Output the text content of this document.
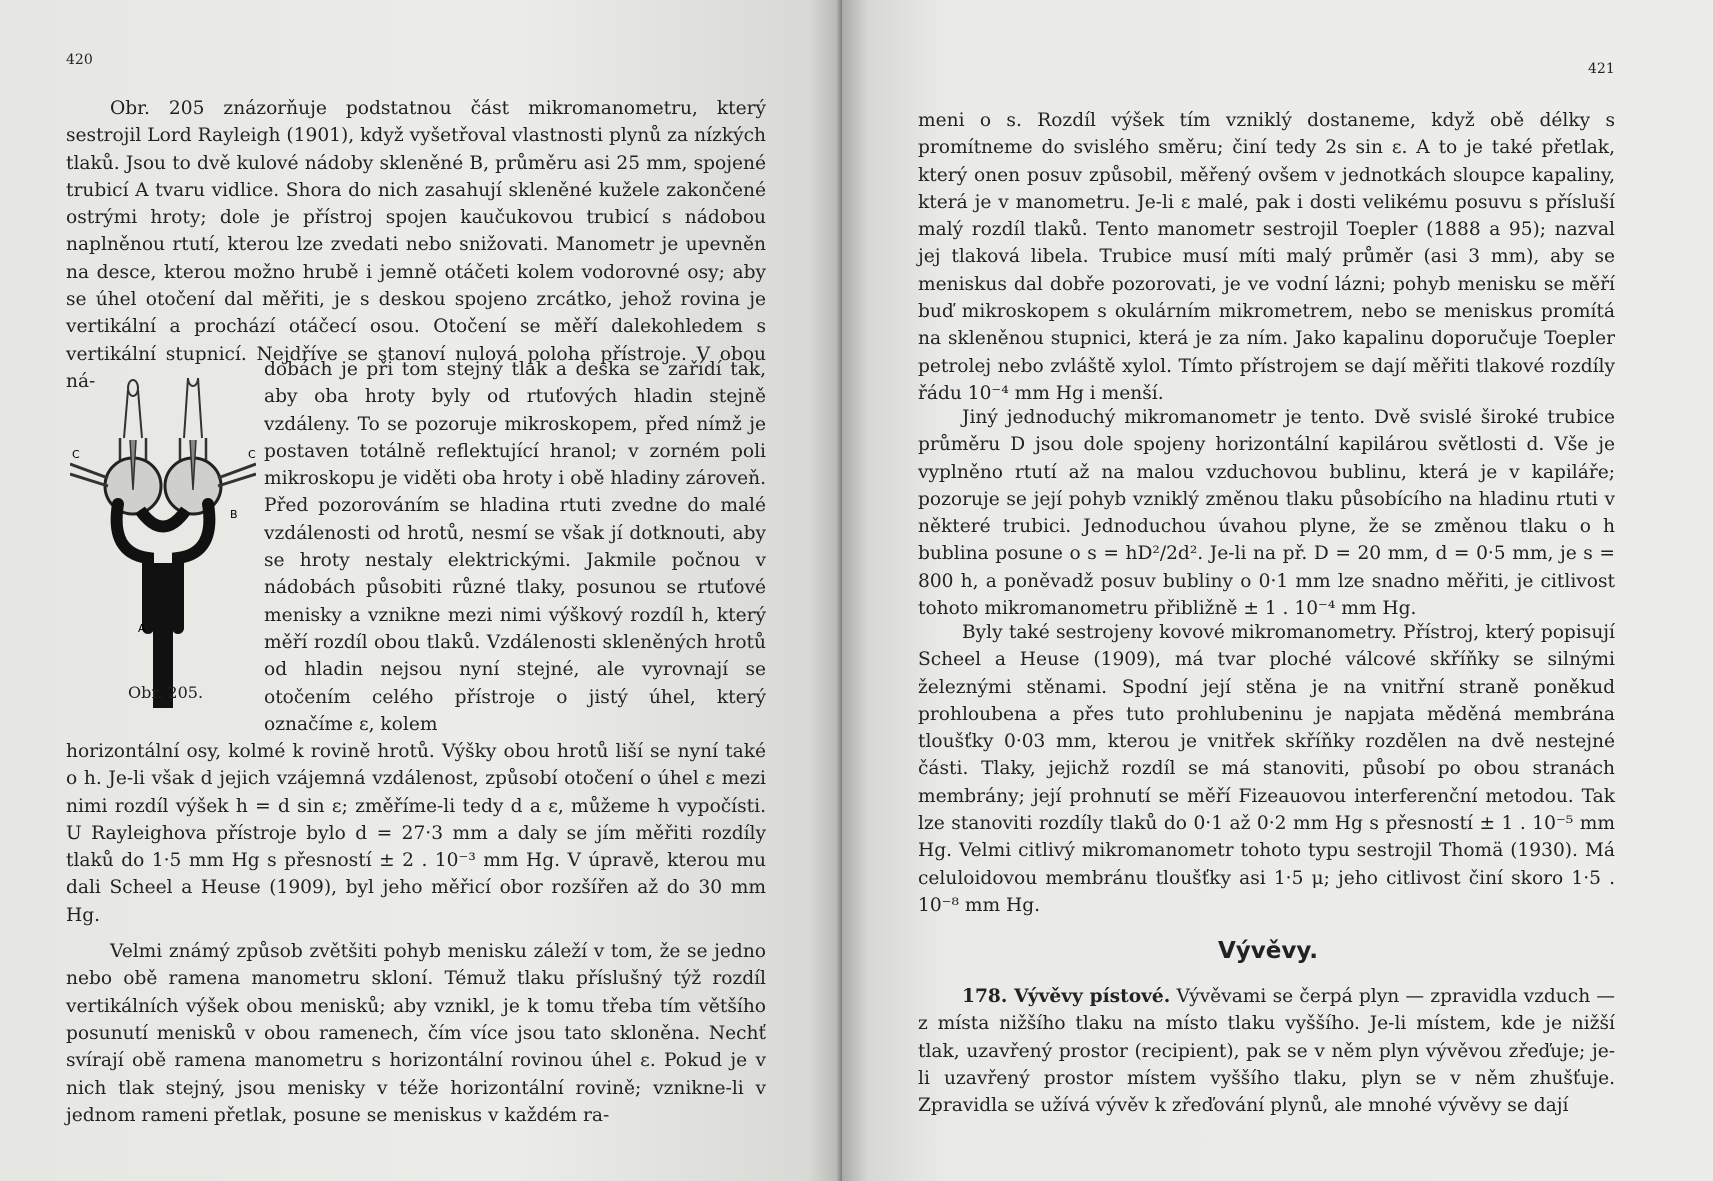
420

Obr. 205 znázorňuje podstatnou část mikromanometru, který sestrojil Lord Rayleigh (1901), když vyšetřoval vlastnosti plynů za nízkých tlaků. Jsou to dvě kulové nádoby skleněné B, průměru asi 25 mm, spojené trubicí A tvaru vidlice. Shora do nich zasahují skleněné kužele zakončené ostrými hroty; dole je přístroj spojen kaučukovou trubicí s nádobou naplněnou rtutí, kterou lze zvedati nebo snižovati. Manometr je upevněn na desce, kterou možno hrubě i jemně otáčeti kolem vodorovné osy; aby se úhel otočení dal měřiti, je s deskou spojeno zrcátko, jehož rovina je vertikální a prochází otáčecí osou. Otočení se měří dalekohledem s vertikální stupnicí. Nejdříve se stanoví nulová poloha přístroje. V obou ná-

C	C
B
A
Obr. 205.

dobách je při tom stejný tlak a deska se zařídí tak, aby oba hroty byly od rtuťových hladin stejně vzdáleny. To se pozoruje mikroskopem, před nímž je postaven totálně reflektující hranol; v zorném poli mikroskopu je viděti oba hroty i obě hladiny zároveň. Před pozorováním se hladina rtuti zvedne do malé vzdálenosti od hrotů, nesmí se však jí dotknouti, aby se hroty nestaly elektrickými. Jakmile počnou v nádobách působiti různé tlaky, posunou se rtuťové menisky a vznikne mezi nimi výškový rozdíl h, který měří rozdíl obou tlaků. Vzdálenosti skleněných hrotů od hladin nejsou nyní stejné, ale vyrovnají se otočením celého přístroje o jistý úhel, který označíme ε, kolem

horizontální osy, kolmé k rovině hrotů. Výšky obou hrotů liší se nyní také o h. Je-li však d jejich vzájemná vzdálenost, způsobí otočení o úhel ε mezi nimi rozdíl výšek h = d sin ε; změříme-li tedy d a ε, můžeme h vypočísti. U Rayleighova přístroje bylo d = 27·3 mm a daly se jím měřiti rozdíly tlaků do 1·5 mm Hg s přesností ± 2 . 10⁻³ mm Hg. V úpravě, kterou mu dali Scheel a Heuse (1909), byl jeho měřicí obor rozšířen až do 30 mm Hg.

Velmi známý způsob zvětšiti pohyb menisku záleží v tom, že se jedno nebo obě ramena manometru skloní. Témuž tlaku příslušný týž rozdíl vertikálních výšek obou menisků; aby vznikl, je k tomu třeba tím většího posunutí menisků v obou ramenech, čím více jsou tato skloněna. Nechť svírají obě ramena manometru s horizontální rovinou úhel ε. Pokud je v nich tlak stejný, jsou menisky v téže horizontální rovině; vznikne-li v jednom rameni přetlak, posune se meniskus v každém ra-

421

meni o s. Rozdíl výšek tím vzniklý dostaneme, když obě délky s promítneme do svislého směru; činí tedy 2s sin ε. A to je také přetlak, který onen posuv způsobil, měřený ovšem v jednotkách sloupce kapaliny, která je v manometru. Je-li ε malé, pak i dosti velikému posuvu s přísluší malý rozdíl tlaků. Tento manometr sestrojil Toepler (1888 a 95); nazval jej tlaková libela. Trubice musí míti malý průměr (asi 3 mm), aby se meniskus dal dobře pozorovati, je ve vodní lázni; pohyb menisku se měří buď mikroskopem s okulárním mikrometrem, nebo se meniskus promítá na skleněnou stupnici, která je za ním. Jako kapalinu doporučuje Toepler petrolej nebo zvláště xylol. Tímto přístrojem se dají měřiti tlakové rozdíly řádu 10⁻⁴ mm Hg i menší.

Jiný jednoduchý mikromanometr je tento. Dvě svislé široké trubice průměru D jsou dole spojeny horizontální kapilárou světlosti d. Vše je vyplněno rtutí až na malou vzduchovou bublinu, která je v kapiláře; pozoruje se její pohyb vzniklý změnou tlaku působícího na hladinu rtuti v některé trubici. Jednoduchou úvahou plyne, že se změnou tlaku o h bublina posune o s = hD²/2d². Je-li na př. D = 20 mm, d = 0·5 mm, je s = 800 h, a poněvadž posuv bubliny o 0·1 mm lze snadno měřiti, je citlivost tohoto mikromanometru přibližně ± 1 . 10⁻⁴ mm Hg.

Byly také sestrojeny kovové mikromanometry. Přístroj, který popisují Scheel a Heuse (1909), má tvar ploché válcové skříňky se silnými železnými stěnami. Spodní její stěna je na vnitřní straně poněkud prohloubena a přes tuto prohlubeninu je napjata měděná membrána tloušťky 0·03 mm, kterou je vnitřek skříňky rozdělen na dvě nestejné části. Tlaky, jejichž rozdíl se má stanoviti, působí po obou stranách membrány; její prohnutí se měří Fizeauovou interferenční metodou. Tak lze stanoviti rozdíly tlaků do 0·1 až 0·2 mm Hg s přesností ± 1 . 10⁻⁵ mm Hg. Velmi citlivý mikromanometr tohoto typu sestrojil Thomä (1930). Má celuloidovou membránu tloušťky asi 1·5 μ; jeho citlivost činí skoro 1·5 . 10⁻⁸ mm Hg.

Vývěvy.

178. Vývěvy pístové. Vývěvami se čerpá plyn — zpravidla vzduch — z místa nižšího tlaku na místo tlaku vyššího. Je-li místem, kde je nižší tlak, uzavřený prostor (recipient), pak se v něm plyn vývěvou zřeďuje; je-li uzavřený prostor místem vyššího tlaku, plyn se v něm zhušťuje. Zpravidla se užívá vývěv k zřeďování plynů, ale mnohé vývěvy se dají
